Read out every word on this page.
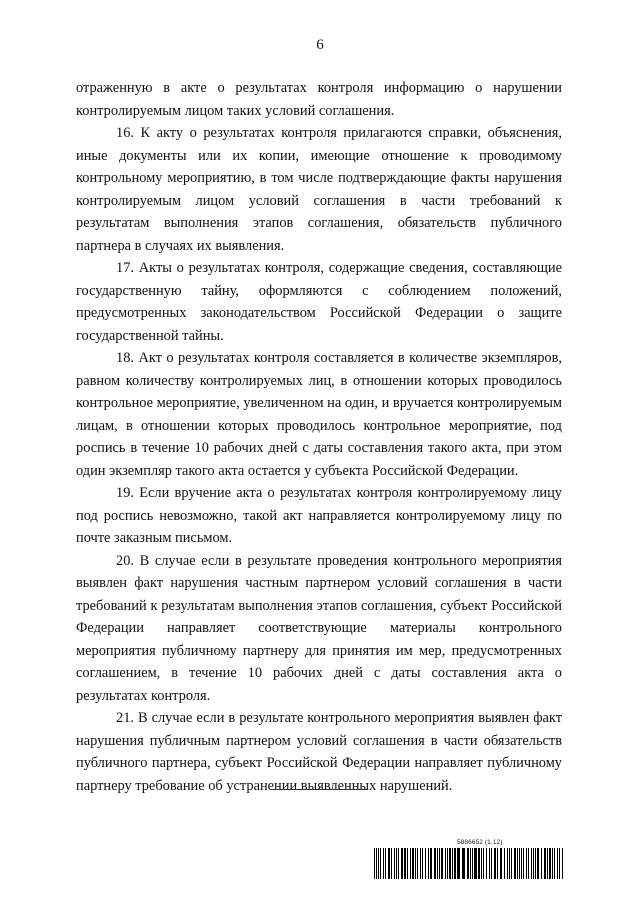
6

отраженную в акте о результатах контроля информацию о нарушении контролируемым лицом таких условий соглашения.

16. К акту о результатах контроля прилагаются справки, объяснения, иные документы или их копии, имеющие отношение к проводимому контрольному мероприятию, в том числе подтверждающие факты нарушения контролируемым лицом условий соглашения в части требований к результатам выполнения этапов соглашения, обязательств публичного партнера в случаях их выявления.

17. Акты о результатах контроля, содержащие сведения, составляющие государственную тайну, оформляются с соблюдением положений, предусмотренных законодательством Российской Федерации о защите государственной тайны.

18. Акт о результатах контроля составляется в количестве экземпляров, равном количеству контролируемых лиц, в отношении которых проводилось контрольное мероприятие, увеличенном на один, и вручается контролируемым лицам, в отношении которых проводилось контрольное мероприятие, под роспись в течение 10 рабочих дней с даты составления такого акта, при этом один экземпляр такого акта остается у субъекта Российской Федерации.

19. Если вручение акта о результатах контроля контролируемому лицу под роспись невозможно, такой акт направляется контролируемому лицу по почте заказным письмом.

20. В случае если в результате проведения контрольного мероприятия выявлен факт нарушения частным партнером условий соглашения в части требований к результатам выполнения этапов соглашения, субъект Российской Федерации направляет соответствующие материалы контрольного мероприятия публичному партнеру для принятия им мер, предусмотренных соглашением, в течение 10 рабочих дней с даты составления акта о результатах контроля.

21. В случае если в результате контрольного мероприятия выявлен факт нарушения публичным партнером условий соглашения в части обязательств публичного партнера, субъект Российской Федерации направляет публичному партнеру требование об устранении выявленных нарушений.

5886652 (1.12)
